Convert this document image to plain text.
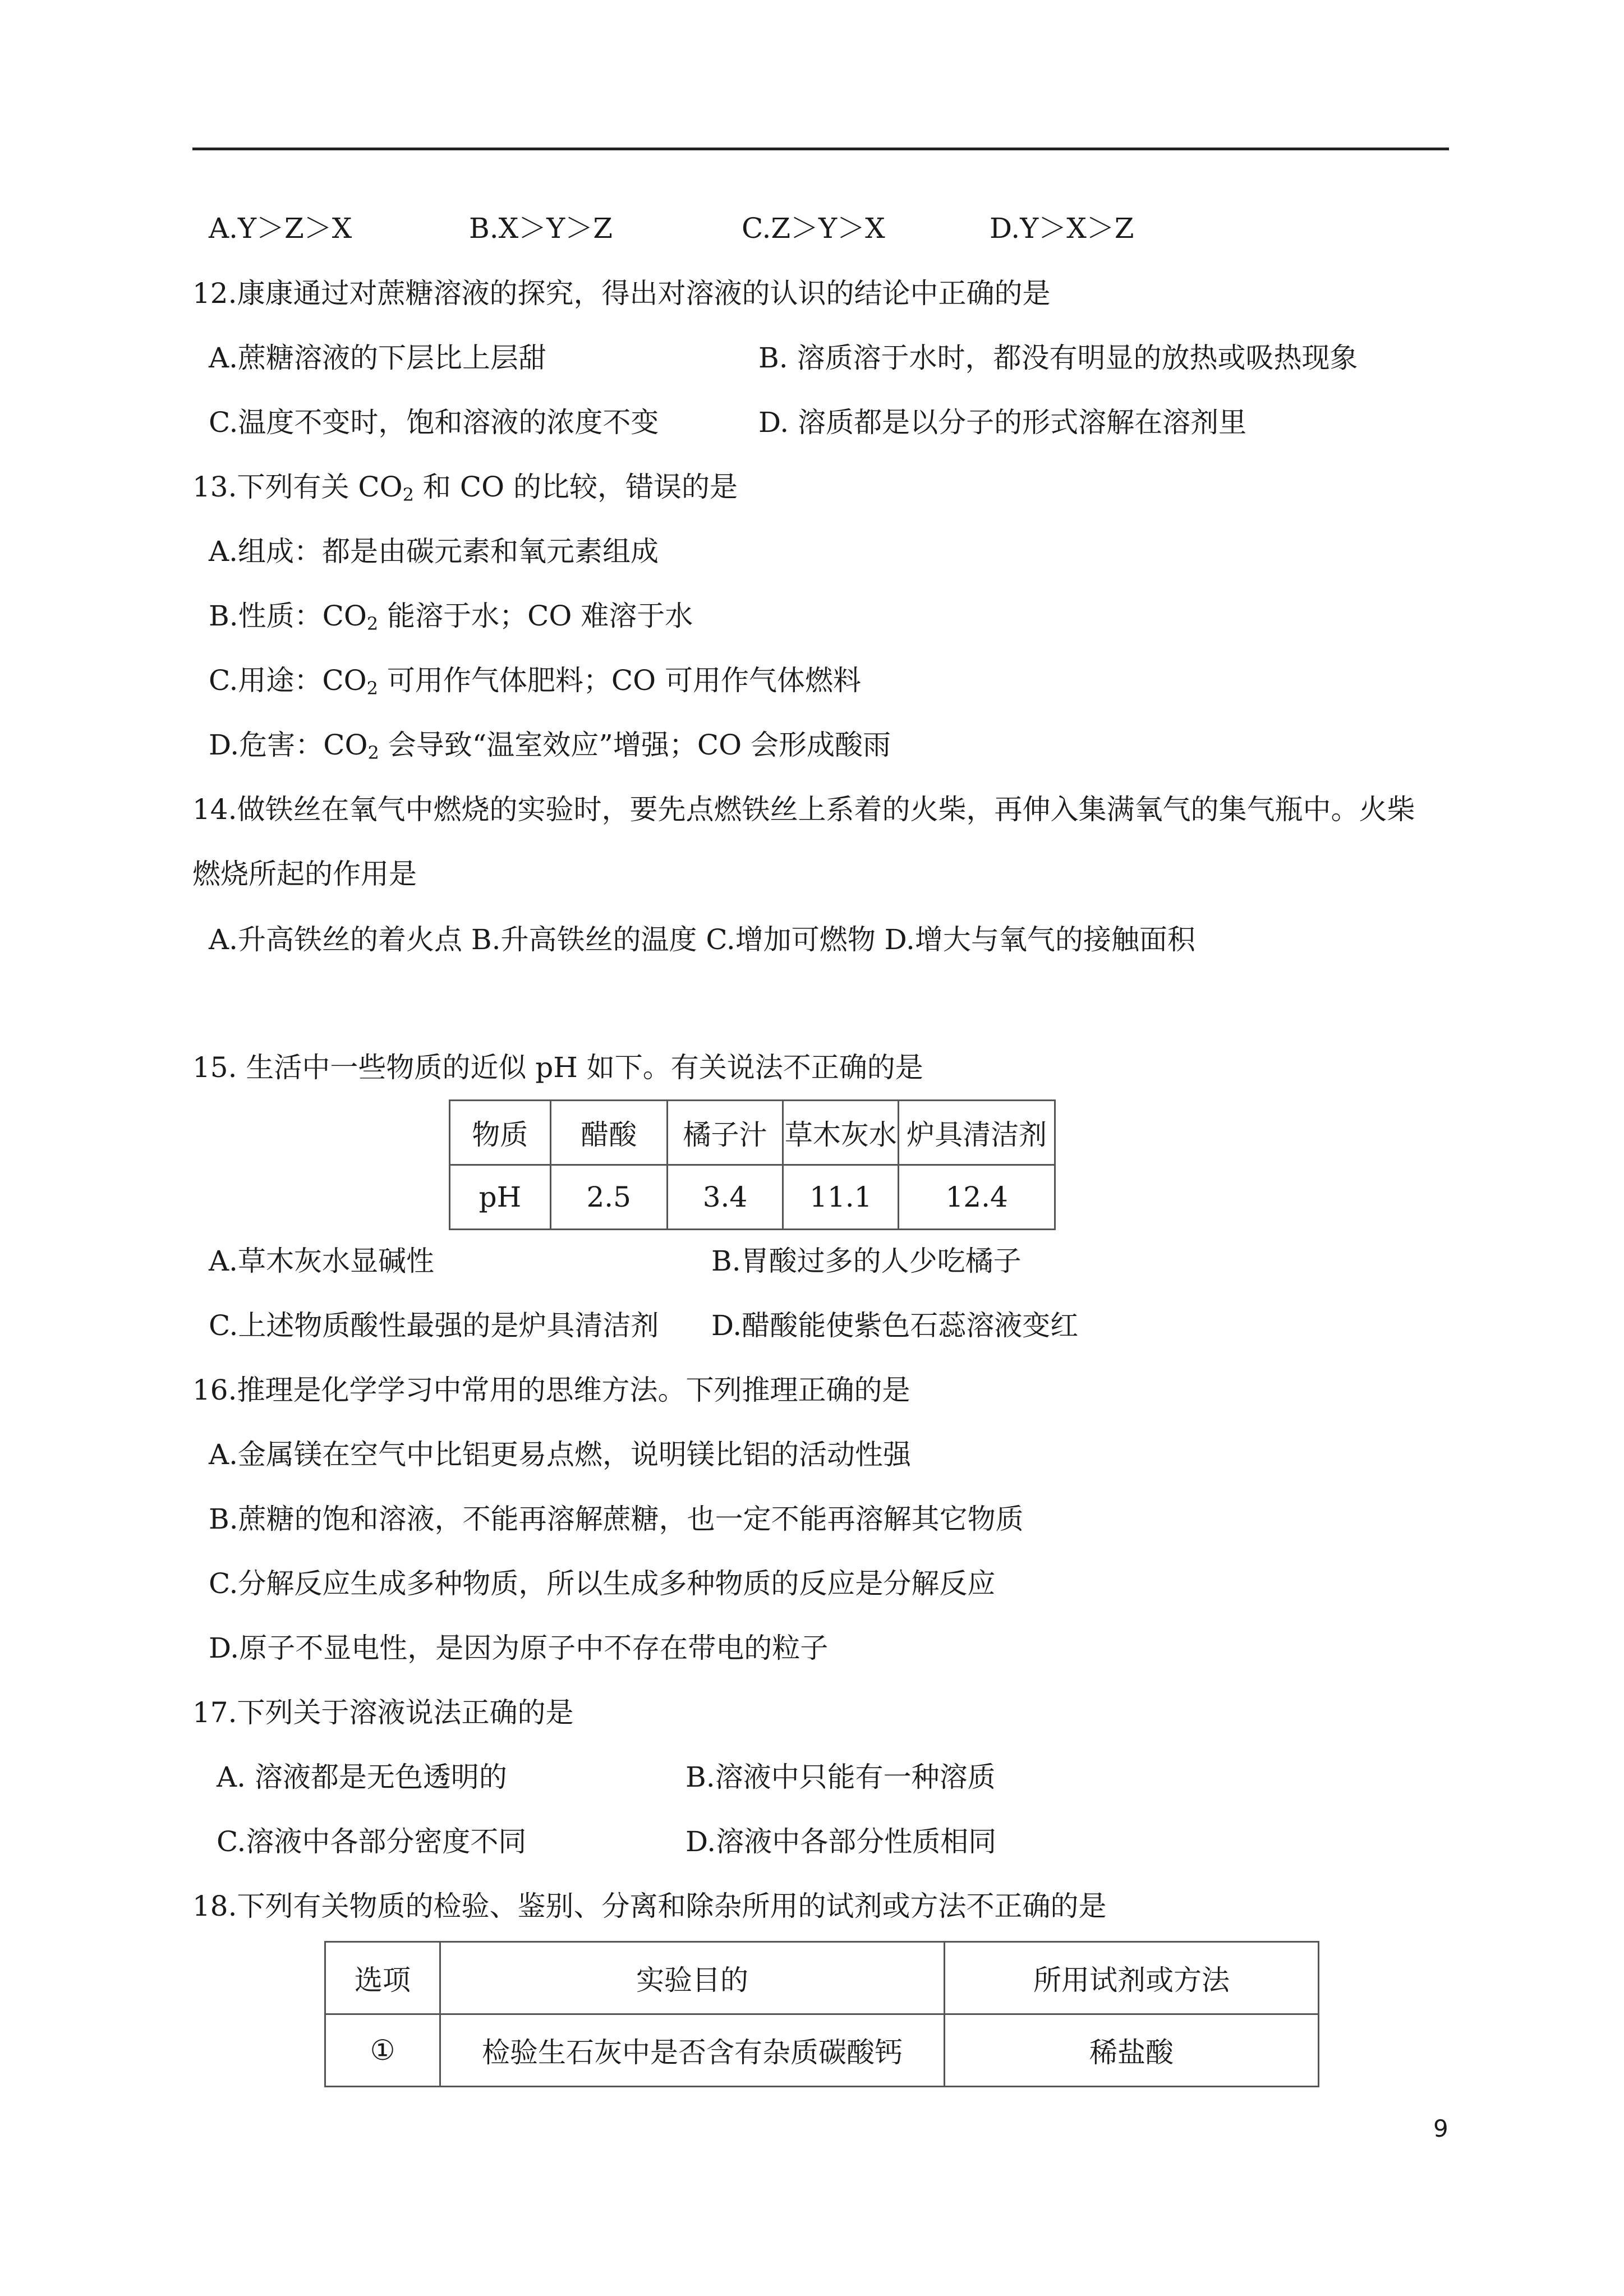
A.Y＞Z＞X	B.X＞Y＞Z	C.Z＞Y＞X	D.Y＞X＞Z
12.康康通过对蔗糖溶液的探究，得出对溶液的认识的结论中正确的是
A.蔗糖溶液的下层比上层甜	B. 溶质溶于水时，都没有明显的放热或吸热现象
C.温度不变时，饱和溶液的浓度不变	D. 溶质都是以分子的形式溶解在溶剂里
13.下列有关 $CO_2$ 和 CO 的比较，错误的是
A.组成：都是由碳元素和氧元素组成
B.性质：$CO_2$ 能溶于水；CO 难溶于水
C.用途：$CO_2$ 可用作气体肥料；CO 可用作气体燃料
D.危害：$CO_2$ 会导致“温室效应”增强；CO 会形成酸雨
14.做铁丝在氧气中燃烧的实验时，要先点燃铁丝上系着的火柴，再伸入集满氧气的集气瓶中。火柴
燃烧所起的作用是
A.升高铁丝的着火点 B.升高铁丝的温度 C.增加可燃物 D.增大与氧气的接触面积
15. 生活中一些物质的近似 pH 如下。有关说法不正确的是
物质	醋酸	橘子汁	草木灰水	炉具清洁剂
pH	2.5	3.4	11.1	12.4
A.草木灰水显碱性	B.胃酸过多的人少吃橘子
C.上述物质酸性最强的是炉具清洁剂 D.醋酸能使紫色石蕊溶液变红
16.推理是化学学习中常用的思维方法。下列推理正确的是
A.金属镁在空气中比铝更易点燃，说明镁比铝的活动性强
B.蔗糖的饱和溶液，不能再溶解蔗糖，也一定不能再溶解其它物质
C.分解反应生成多种物质，所以生成多种物质的反应是分解反应
D.原子不显电性，是因为原子中不存在带电的粒子
17.下列关于溶液说法正确的是
A. 溶液都是无色透明的	B.溶液中只能有一种溶质
C.溶液中各部分密度不同	D.溶液中各部分性质相同
18.下列有关物质的检验、鉴别、分离和除杂所用的试剂或方法不正确的是
选项	实验目的	所用试剂或方法
①	检验生石灰中是否含有杂质碳酸钙	稀盐酸
9
